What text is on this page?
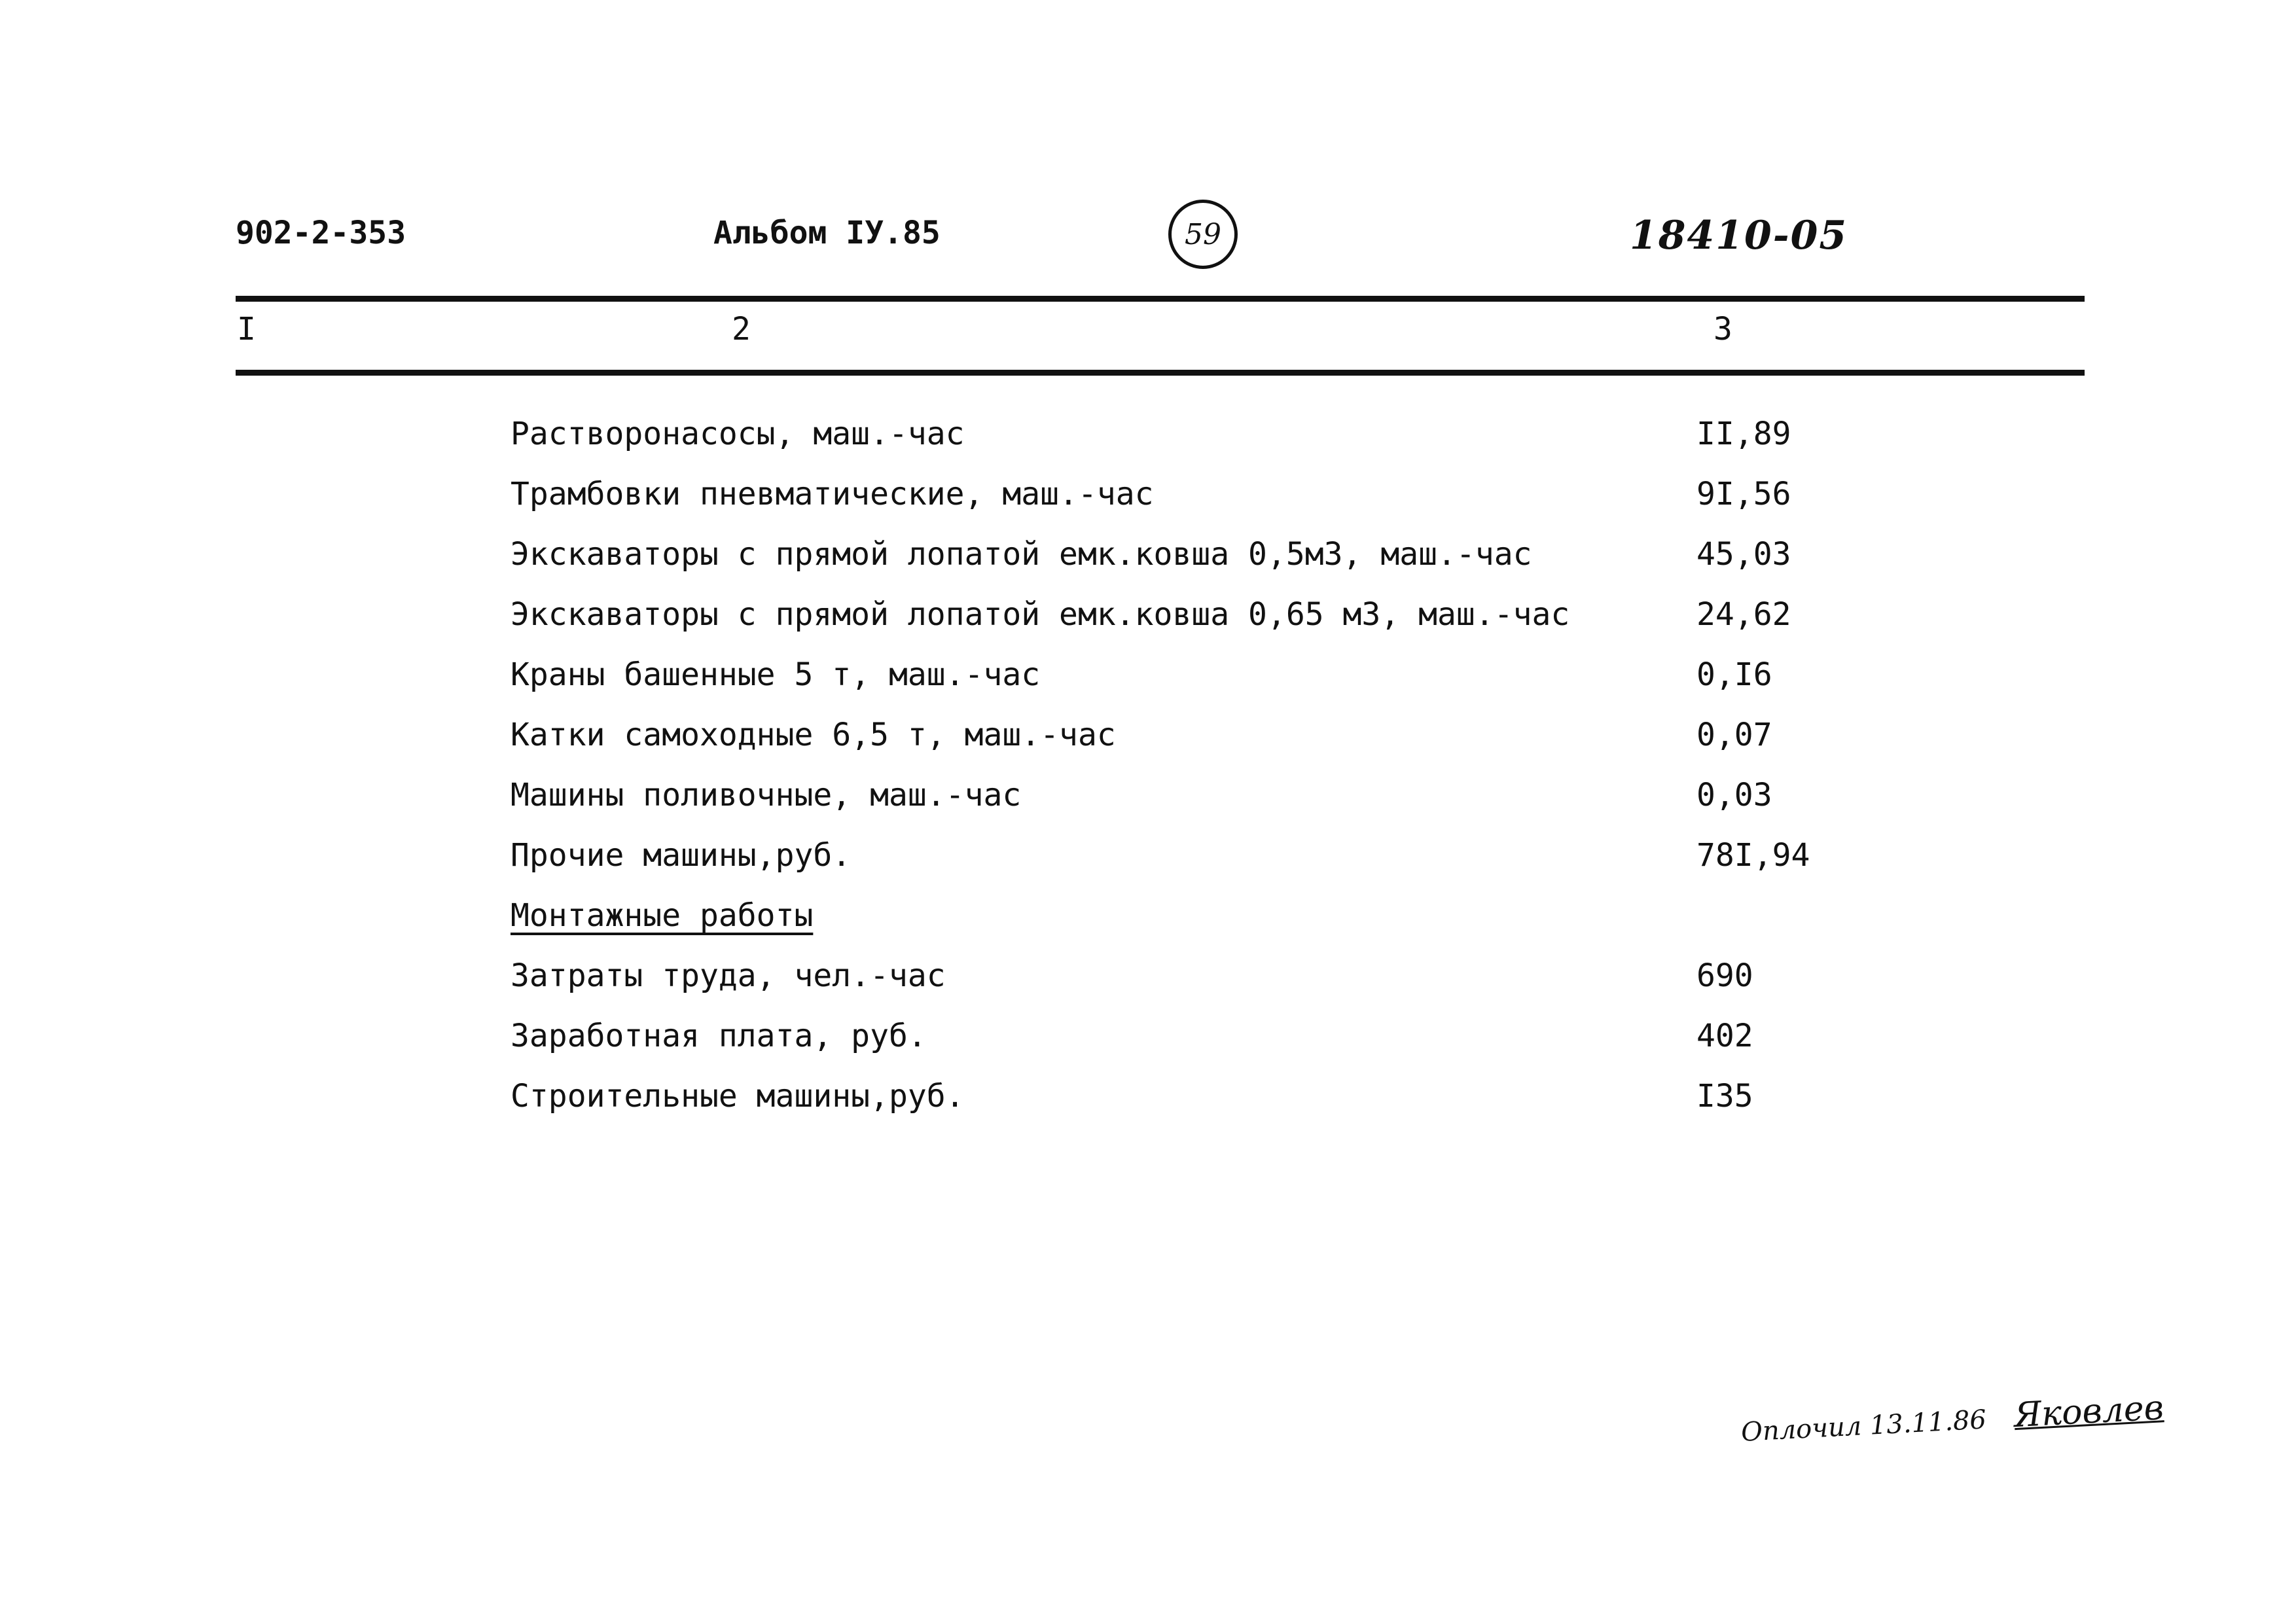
902-2-353	Альбом IУ.85	59	18410-05
I	2	3
Растворонасосы, маш.-час	II,89
Трамбовки пневматические, маш.-час	9I,56
Экскаваторы с прямой лопатой емк.ковша 0,5м3, маш.-час	45,03
Экскаваторы с прямой лопатой емк.ковша 0,65 м3, маш.-час	24,62
Краны башенные 5 т, маш.-час	0,I6
Катки самоходные 6,5 т, маш.-час	0,07
Машины поливочные, маш.-час	0,03
Прочие машины,руб.	78I,94
Монтажные работы
Затраты труда, чел.-час	690
Заработная плата, руб.	402
Строительные машины,руб.	I35
Оплочил 13.11.86 Яковлев
